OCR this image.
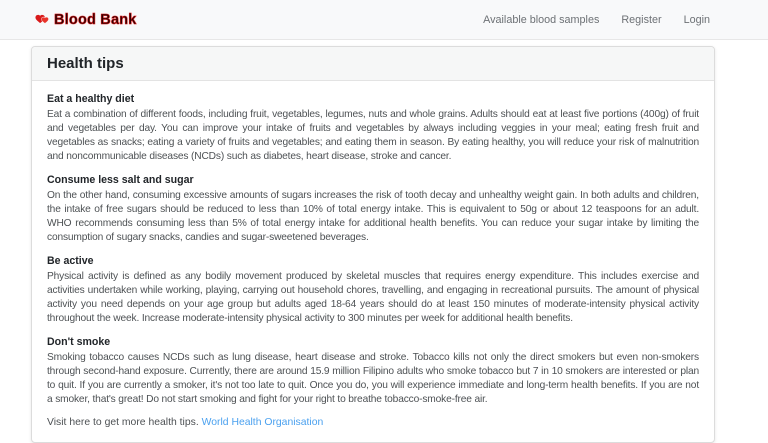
Blood Bank	Available blood samples Register Login
Health tips
Eat a healthy diet

Eat a combination of different foods, including fruit, vegetables, legumes, nuts and whole grains. Adults should eat at least five portions (400g) of fruit and vegetables per day. You can improve your intake of fruits and vegetables by always including veggies in your meal; eating fresh fruit and vegetables as snacks; eating a variety of fruits and vegetables; and eating them in season. By eating healthy, you will reduce your risk of malnutrition and noncommunicable diseases (NCDs) such as diabetes, heart disease, stroke and cancer.

Consume less salt and sugar

On the other hand, consuming excessive amounts of sugars increases the risk of tooth decay and unhealthy weight gain. In both adults and children, the intake of free sugars should be reduced to less than 10% of total energy intake. This is equivalent to 50g or about 12 teaspoons for an adult. WHO recommends consuming less than 5% of total energy intake for additional health benefits. You can reduce your sugar intake by limiting the consumption of sugary snacks, candies and sugar-sweetened beverages.

Be active

Physical activity is defined as any bodily movement produced by skeletal muscles that requires energy expenditure. This includes exercise and activities undertaken while working, playing, carrying out household chores, travelling, and engaging in recreational pursuits. The amount of physical activity you need depends on your age group but adults aged 18-64 years should do at least 150 minutes of moderate-intensity physical activity throughout the week. Increase moderate-intensity physical activity to 300 minutes per week for additional health benefits.

Don't smoke

Smoking tobacco causes NCDs such as lung disease, heart disease and stroke. Tobacco kills not only the direct smokers but even non-smokers through second-hand exposure. Currently, there are around 15.9 million Filipino adults who smoke tobacco but 7 in 10 smokers are interested or plan to quit. If you are currently a smoker, it's not too late to quit. Once you do, you will experience immediate and long-term health benefits. If you are not a smoker, that's great! Do not start smoking and fight for your right to breathe tobacco-smoke-free air.

Visit here to get more health tips. World Health Organisation
